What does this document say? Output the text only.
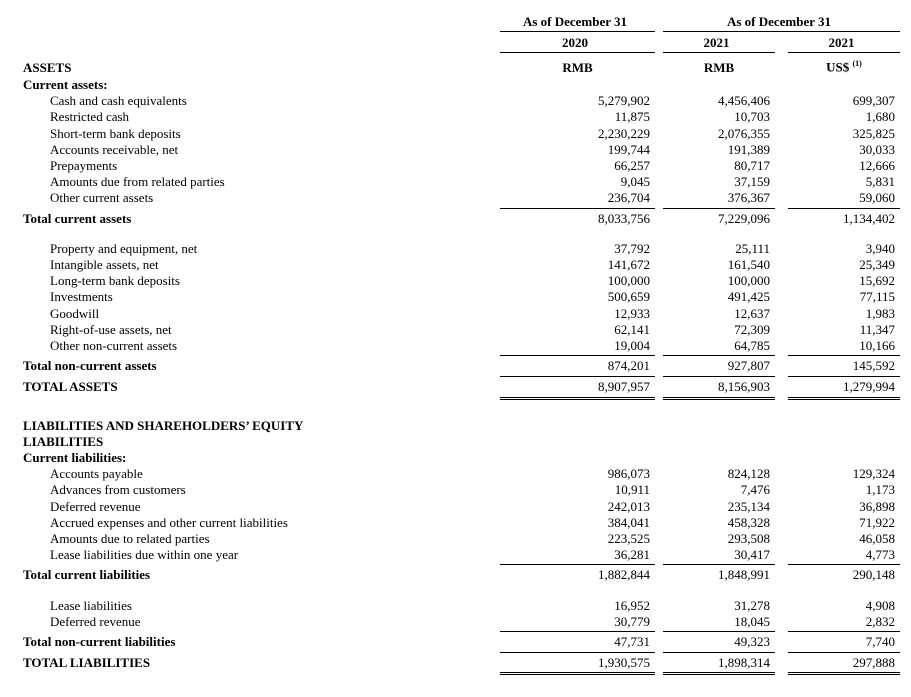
As of December 31	As of December 31
2020	2021	2021
ASSETS	RMB	RMB	US$ $^{(1)}$
Current assets:
Cash and cash equivalents	5,279,902	4,456,406	699,307
Restricted cash	11,875	10,703	1,680
Short-term bank deposits	2,230,229	2,076,355	325,825
Accounts receivable, net	199,744	191,389	30,033
Prepayments	66,257	80,717	12,666
Amounts due from related parties	9,045	37,159	5,831
Other current assets	236,704	376,367	59,060
Total current assets	8,033,756	7,229,096	1,134,402
Property and equipment, net	37,792	25,111	3,940
Intangible assets, net	141,672	161,540	25,349
Long-term bank deposits	100,000	100,000	15,692
Investments	500,659	491,425	77,115
Goodwill	12,933	12,637	1,983
Right-of-use assets, net	62,141	72,309	11,347
Other non-current assets	19,004	64,785	10,166
Total non-current assets	874,201	927,807	145,592
TOTAL ASSETS	8,907,957	8,156,903	1,279,994
LIABILITIES AND SHAREHOLDERS’ EQUITY
LIABILITIES
Current liabilities:
Accounts payable	986,073	824,128	129,324
Advances from customers	10,911	7,476	1,173
Deferred revenue	242,013	235,134	36,898
Accrued expenses and other current liabilities	384,041	458,328	71,922
Amounts due to related parties	223,525	293,508	46,058
Lease liabilities due within one year	36,281	30,417	4,773
Total current liabilities	1,882,844	1,848,991	290,148
Lease liabilities	16,952	31,278	4,908
Deferred revenue	30,779	18,045	2,832
Total non-current liabilities	47,731	49,323	7,740
TOTAL LIABILITIES	1,930,575	1,898,314	297,888
